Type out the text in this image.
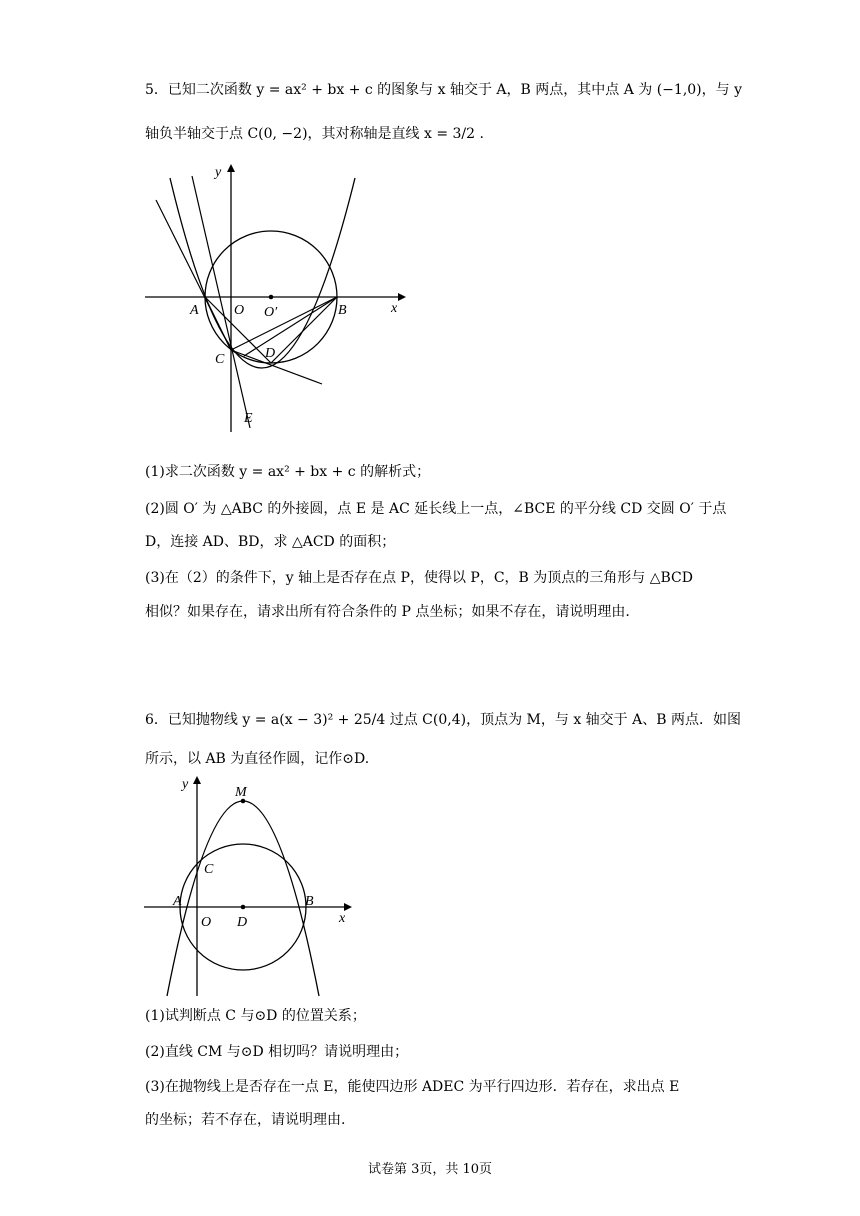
5．已知二次函数 y = ax² + bx + c 的图象与 x 轴交于 A，B 两点，其中点 A 为 (−1,0)，与 y
轴负半轴交于点 C(0, −2)，其对称轴是直线 x = 3/2 .
y
x
A	O O′	B
C	D
E
(1)求二次函数 y = ax² + bx + c 的解析式；
(2)圆 O′ 为 △ABC 的外接圆，点 E 是 AC 延长线上一点，∠BCE 的平分线 CD 交圆 O′ 于点
D，连接 AD、BD，求 △ACD 的面积；
(3)在（2）的条件下，y 轴上是否存在点 P，使得以 P，C，B 为顶点的三角形与 △BCD
相似？如果存在，请求出所有符合条件的 P 点坐标；如果不存在，请说明理由.
6．已知抛物线 y = a(x − 3)² + 25/4 过点 C(0,4)，顶点为 M，与 x 轴交于 A、B 两点．如图
所示，以 AB 为直径作圆，记作⊙D.
y
M
C
A
O D
B
x
(1)试判断点 C 与⊙D 的位置关系；
(2)直线 CM 与⊙D 相切吗？请说明理由；
(3)在抛物线上是否存在一点 E，能使四边形 ADEC 为平行四边形．若存在，求出点 E
的坐标；若不存在，请说明理由.
试卷第 3页，共 10页
